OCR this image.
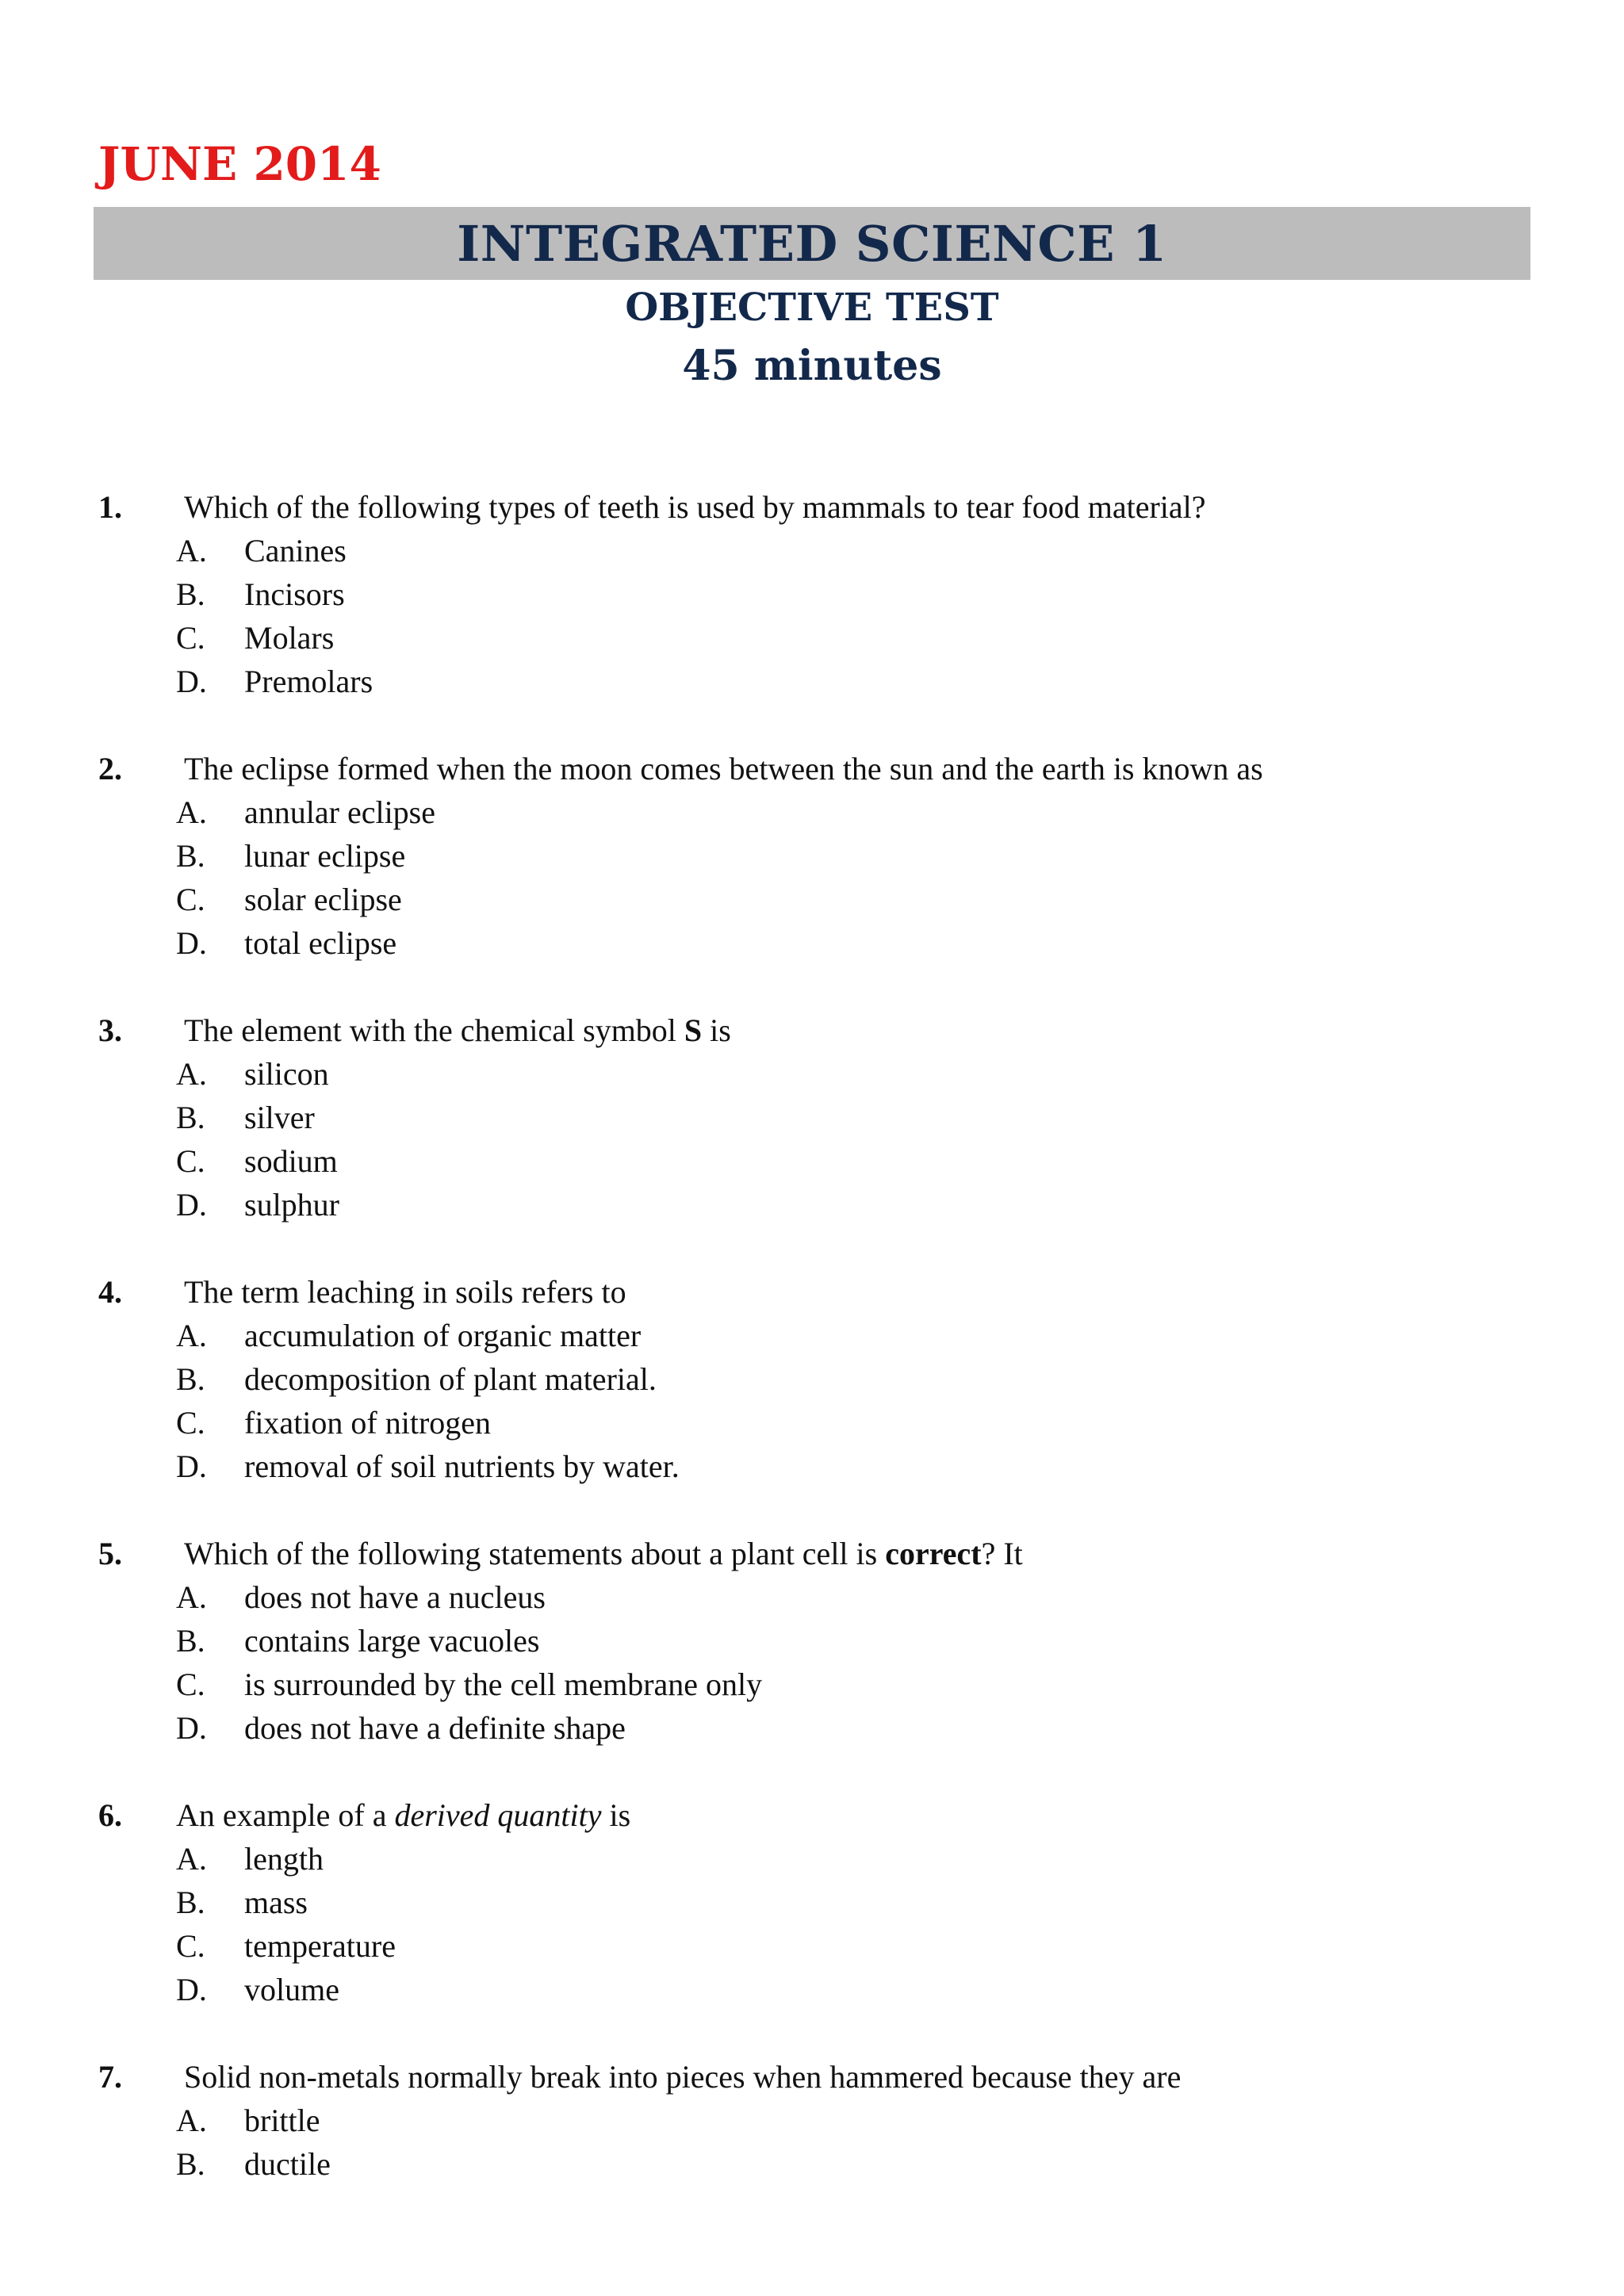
JUNE 2014
INTEGRATED SCIENCE 1

OBJECTIVE TEST

45 minutes

1.	Which of the following types of teeth is used by mammals to tear food material?
A.	Canines
B.	Incisors
C.	Molars
D.	Premolars
2.	The eclipse formed when the moon comes between the sun and the earth is known as
A.	annular eclipse
B.	lunar eclipse
C.	solar eclipse
D.	total eclipse
3.	The element with the chemical symbol S is
A.	silicon
B.	silver
C.	sodium
D.	sulphur
4.	The term leaching in soils refers to
A.	accumulation of organic matter
B.	decomposition of plant material.
C.	fixation of nitrogen
D.	removal of soil nutrients by water.
5.	Which of the following statements about a plant cell is correct? It
A.	does not have a nucleus
B.	contains large vacuoles
C.	is surrounded by the cell membrane only
D.	does not have a definite shape
6.	An example of a derived quantity is
A.	length
B.	mass
C.	temperature
D.	volume
7.	Solid non-metals normally break into pieces when hammered because they are
A.	brittle
B.	ductile
